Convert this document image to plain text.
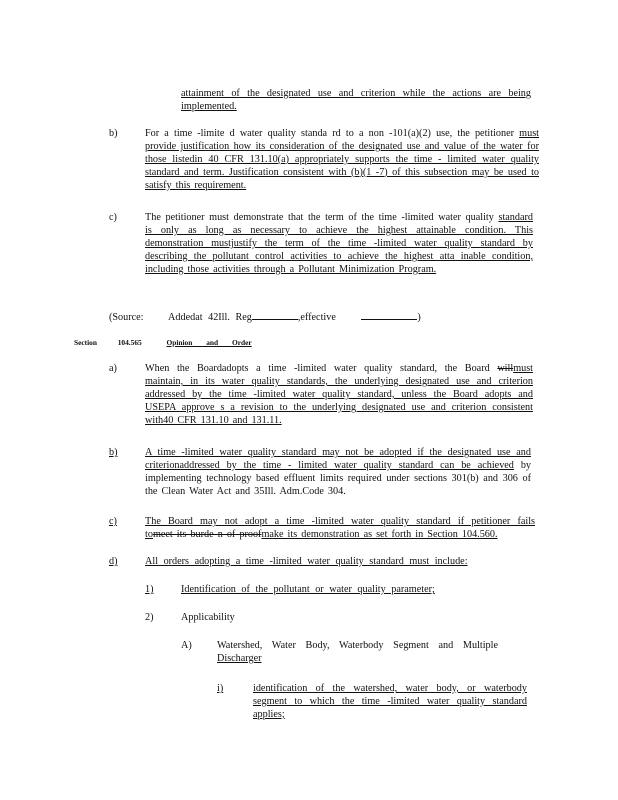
attainment of the designated use and criterion while the actions are being
implemented.
b)	For a time -limite d water quality standa rd to a non -101(a)(2) use, the petitioner must provide justification how its consideration of the designated use and value of the water for those listedin 40 CFR 131.10(a) appropriately supports the time - limited water quality standard and term. Justification consistent with (b)(1 -7) of this subsection may be used to satisfy this requirement.
c)	The petitioner must demonstrate that the term of the time -limited water quality standard is only as long as necessary to achieve the highest attainable condition. This demonstration mustjustify the term of the time -limited water quality standard by describing the pollutant control activities to achieve the highest atta inable condition, including those activities through a Pollutant Minimization Program.
(Source: Addedat 42Ill. Reg	,effective	)
Section	104.565	Opinion and Order
a)	When the Boardadopts a time -limited water quality standard, the Board willmust maintain, in its water quality standards, the underlying designated use and criterion addressed by the time -limited water quality standard, unless the Board adopts and USEPA approve s a revision to the underlying designated use and criterion consistent with40 CFR 131.10 and 131.11.
b)	A time -limited water quality standard may not be adopted if the designated use and criterionaddressed by the time - limited water quality standard can be achieved by implementing technology based effluent limits required under sections 301(b) and 306 of the Clean Water Act and 35Ill. Adm.Code 304.
c)	The Board may not adopt a time -limited water quality standard if petitioner fails
tomeet its burde n of proofmake its demonstration as set forth in Section 104.560.
d)	All orders adopting a time -limited water quality standard must include:
1)	Identification of the pollutant or water quality parameter;
2)	Applicability
A) Watershed, Water Body, Waterbody Segment and Multiple
Discharger
i)	identification of the watershed, water body, or waterbody segment to which the time -limited water quality standard applies;
